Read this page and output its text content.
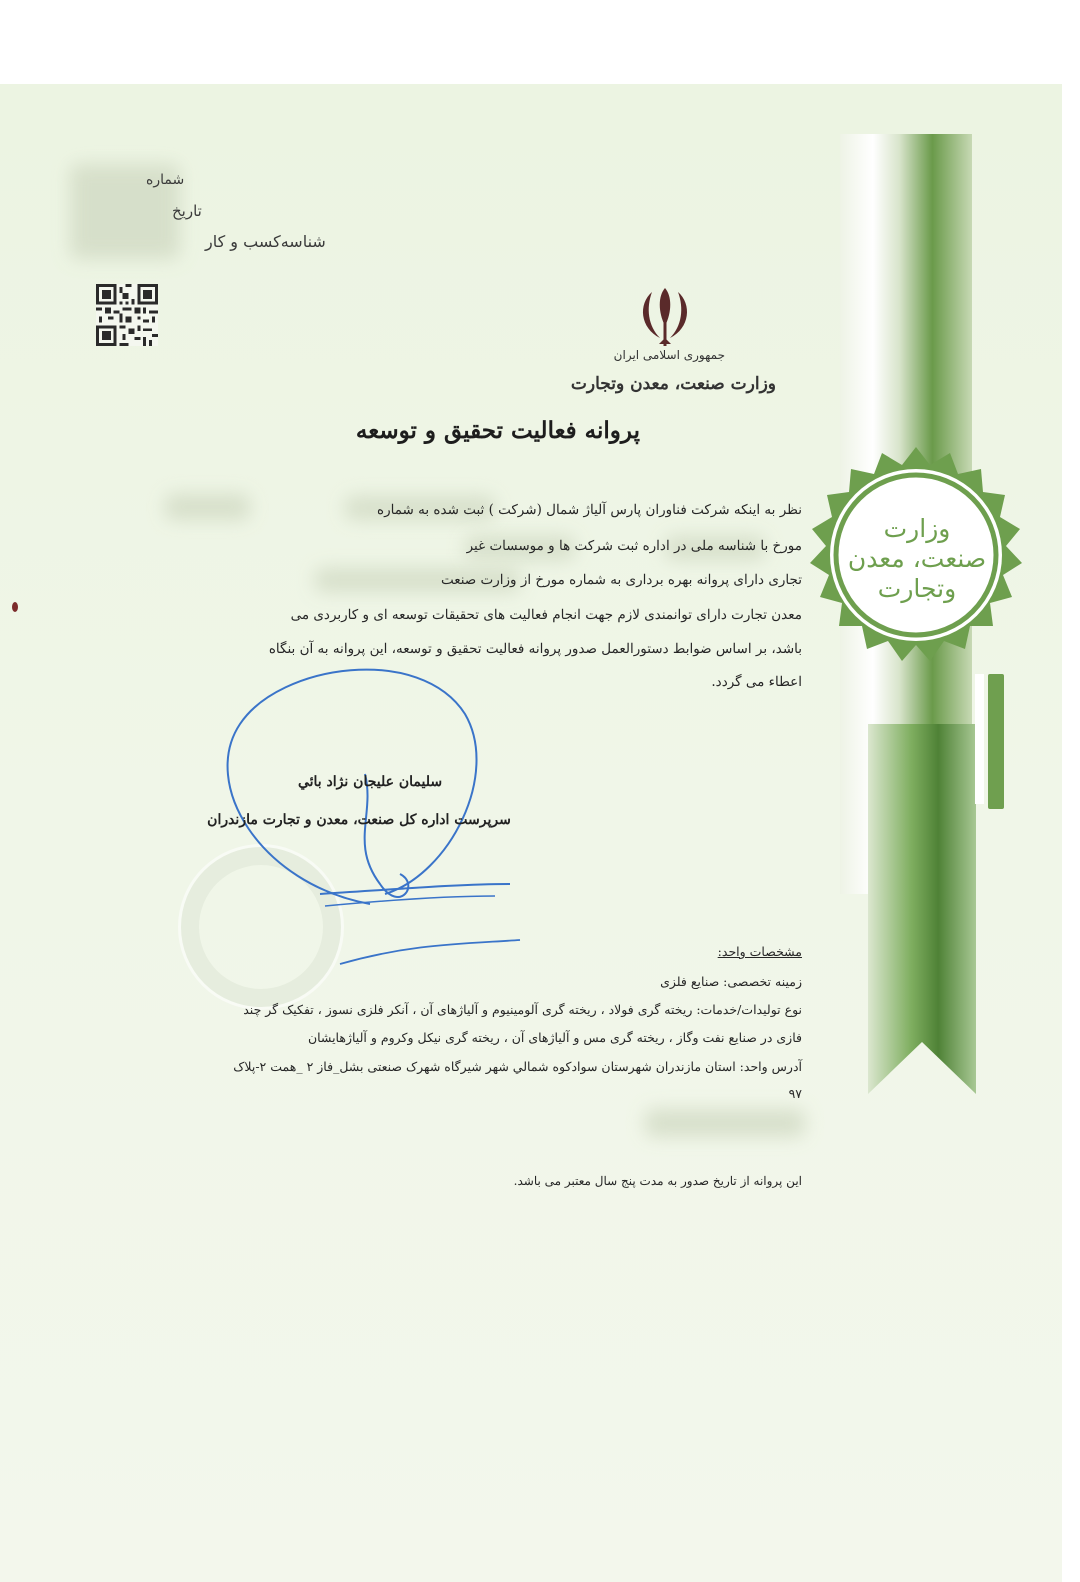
وزارت
صنعت، معدن
وتجارت
شماره
تاریخ
شناسه‌کسب و کار
جمهوری اسلامی ایران
وزارت صنعت، معدن وتجارت
پروانه فعالیت تحقیق و توسعه
نظر به اینکه شرکت فناوران پارس آلیاژ شمال (شرکت ) ثبت شده به شماره
مورخ با شناسه ملی در اداره ثبت شرکت ها و موسسات غیر
تجاری دارای پروانه بهره برداری به شماره مورخ از وزارت صنعت
معدن تجارت دارای توانمندی لازم جهت انجام فعالیت های تحقیقات توسعه ای و کاربردی می
باشد، بر اساس ضوابط دستورالعمل صدور پروانه فعالیت تحقیق و توسعه، این پروانه به آن بنگاه
اعطاء می گردد.
سلیمان علیجان نژاد بائي
سرپرست اداره کل صنعت، معدن و تجارت مازندران
مشخصات واحد:
زمینه تخصصی: صنایع فلزی
نوع تولیدات/خدمات: ریخته گری فولاد ، ریخته گری آلومینیوم و آلیاژهای آن ، آنکر فلزی نسوز ، تفکیک گر چند
فازی در صنایع نفت وگاز ، ریخته گری مس و آلیاژهای آن ، ریخته گری نیکل وکروم و آلیاژهایشان
آدرس واحد: استان مازندران شهرستان سوادکوه شمالي شهر شیرگاه شهرک صنعتی بشل_فاز ۲ _همت ۲-پلاک
۹۷
این پروانه از تاریخ صدور به مدت پنج سال معتبر می باشد.
